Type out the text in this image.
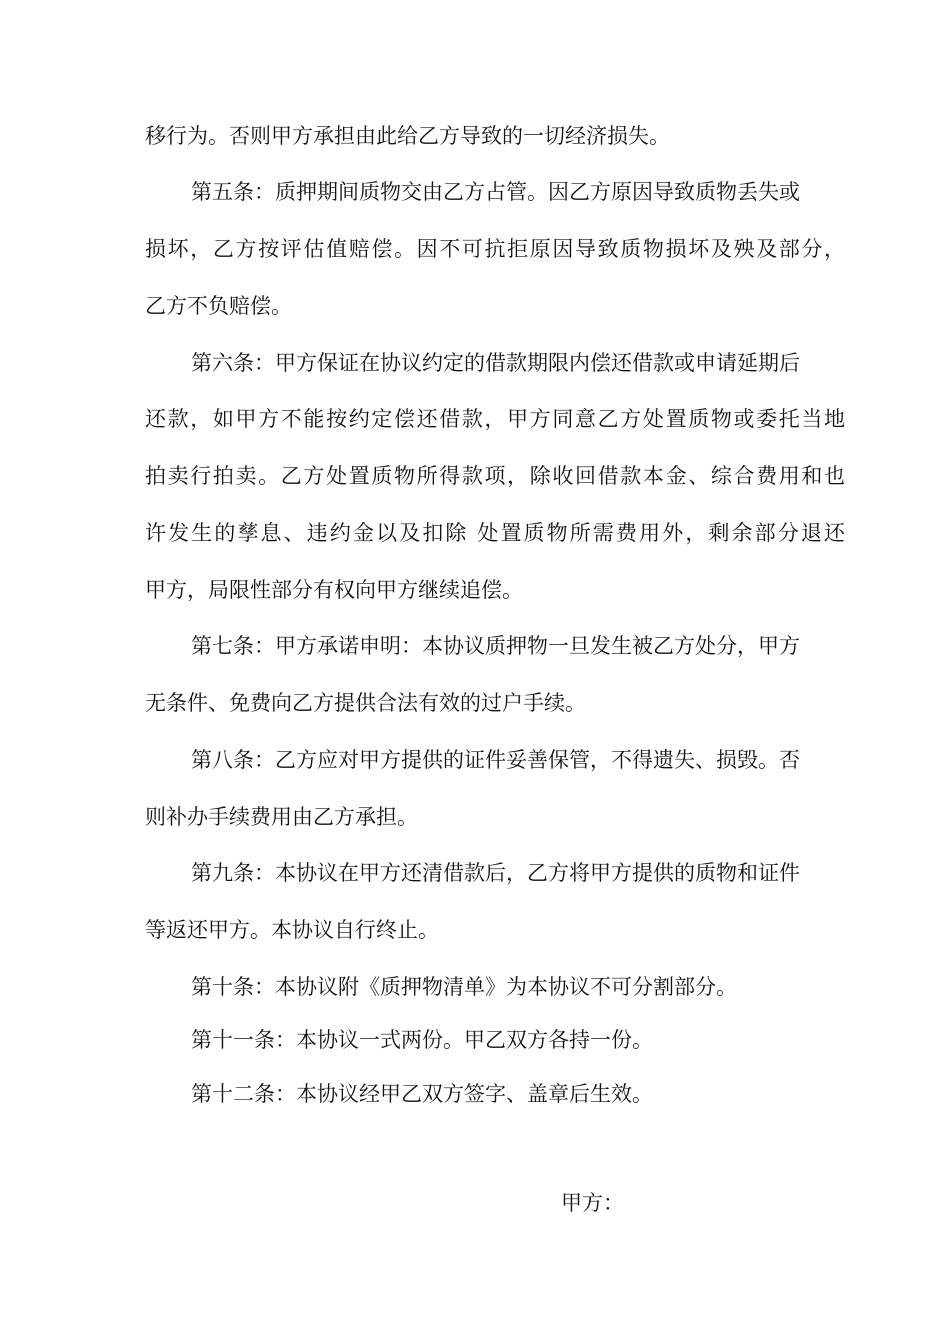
移行为。否则甲方承担由此给乙方导致的一切经济损失。
第五条：质押期间质物交由乙方占管。因乙方原因导致质物丢失或
损坏，乙方按评估值赔偿。因不可抗拒原因导致质物损坏及殃及部分，
乙方不负赔偿。
第六条：甲方保证在协议约定的借款期限内偿还借款或申请延期后
还款，如甲方不能按约定偿还借款，甲方同意乙方处置质物或委托当地
拍卖行拍卖。乙方处置质物所得款项，除收回借款本金、综合费用和也
许发生的孳息、违约金以及扣除 处置质物所需费用外，剩余部分退还
甲方，局限性部分有权向甲方继续追偿。
第七条：甲方承诺申明：本协议质押物一旦发生被乙方处分，甲方
无条件、免费向乙方提供合法有效的过户手续。
第八条：乙方应对甲方提供的证件妥善保管，不得遗失、损毁。否
则补办手续费用由乙方承担。
第九条：本协议在甲方还清借款后，乙方将甲方提供的质物和证件
等返还甲方。本协议自行终止。
第十条：本协议附《质押物清单》为本协议不可分割部分。
第十一条：本协议一式两份。甲乙双方各持一份。
第十二条：本协议经甲乙双方签字、盖章后生效。
甲方：
